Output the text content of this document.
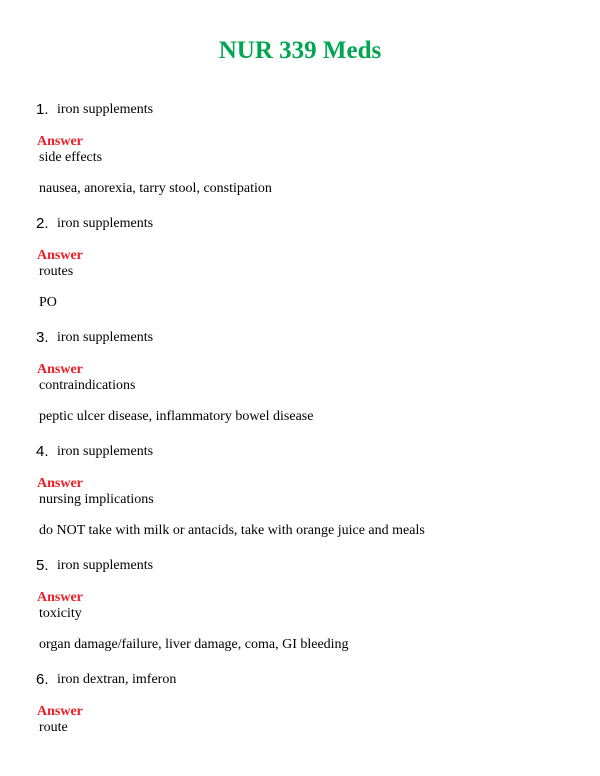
NUR 339 Meds
1. iron supplements
Answer
side effects
nausea, anorexia, tarry stool, constipation
2. iron supplements
Answer
routes
PO
3. iron supplements
Answer
contraindications
peptic ulcer disease, inflammatory bowel disease
4. iron supplements
Answer
nursing implications
do NOT take with milk or antacids, take with orange juice and meals
5. iron supplements
Answer
toxicity
organ damage/failure, liver damage, coma, GI bleeding
6. iron dextran, imferon
Answer
route
